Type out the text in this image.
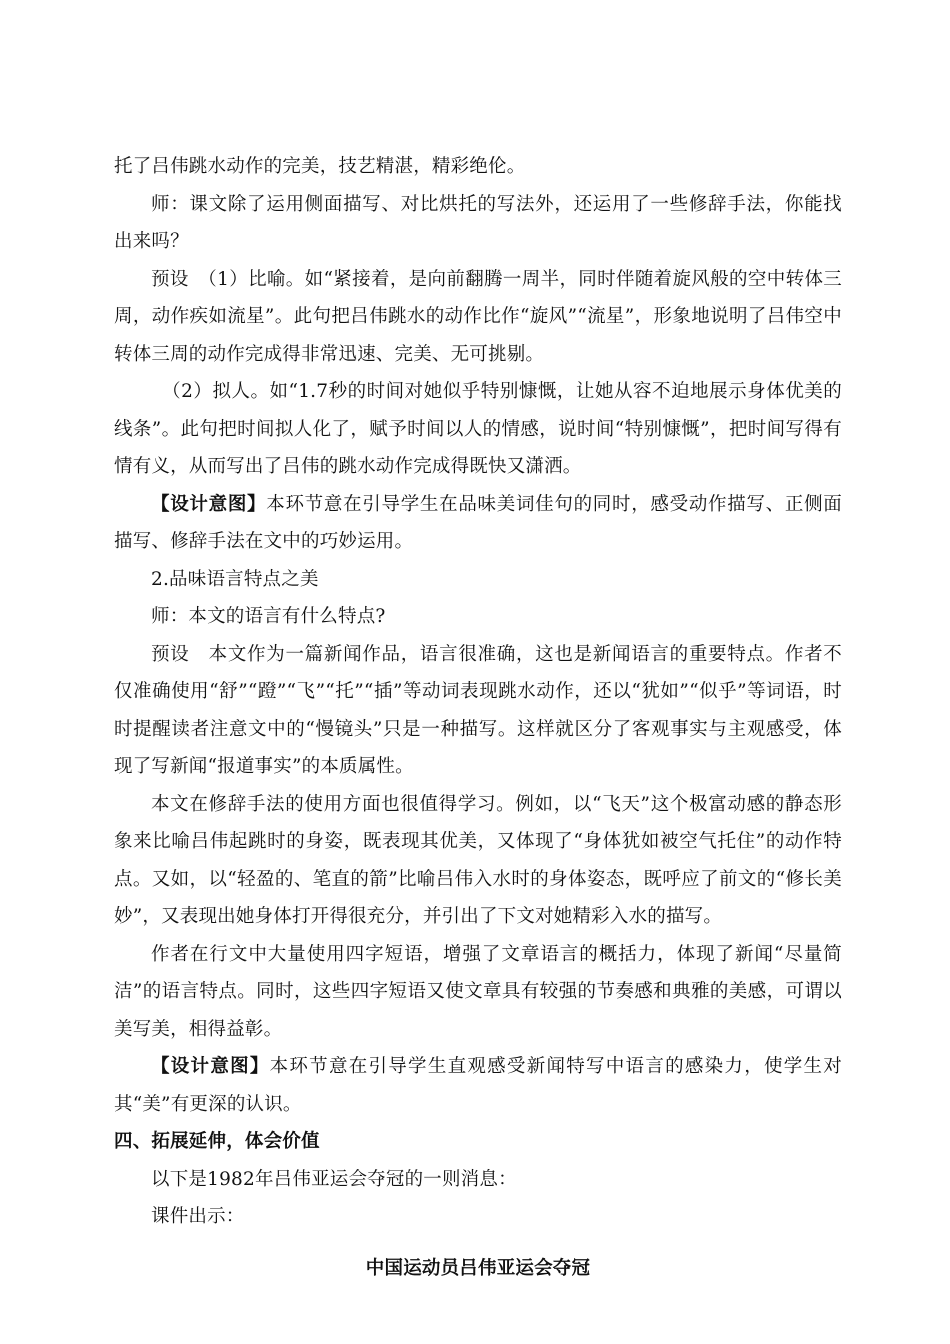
托了吕伟跳水动作的完美，技艺精湛，精彩绝伦。

师：课文除了运用侧面描写、对比烘托的写法外，还运用了一些修辞手法，你能找出来吗？

预设　（1）比喻。如“紧接着，是向前翻腾一周半，同时伴随着旋风般的空中转体三周，动作疾如流星”。此句把吕伟跳水的动作比作“旋风”“流星”，形象地说明了吕伟空中转体三周的动作完成得非常迅速、完美、无可挑剔。

（2）拟人。如“1.7秒的时间对她似乎特别慷慨，让她从容不迫地展示身体优美的线条”。此句把时间拟人化了，赋予时间以人的情感，说时间“特别慷慨”，把时间写得有情有义，从而写出了吕伟的跳水动作完成得既快又潇洒。

【设计意图】本环节意在引导学生在品味美词佳句的同时，感受动作描写、正侧面描写、修辞手法在文中的巧妙运用。

2.品味语言特点之美

师：本文的语言有什么特点?

预设　本文作为一篇新闻作品，语言很准确，这也是新闻语言的重要特点。作者不仅准确使用“舒”“蹬”“飞”“托”“插”等动词表现跳水动作，还以“犹如”“似乎”等词语，时时提醒读者注意文中的“慢镜头”只是一种描写。这样就区分了客观事实与主观感受，体现了写新闻“报道事实”的本质属性。

本文在修辞手法的使用方面也很值得学习。例如，以“飞天”这个极富动感的静态形象来比喻吕伟起跳时的身姿，既表现其优美，又体现了“身体犹如被空气托住”的动作特点。又如，以“轻盈的、笔直的箭”比喻吕伟入水时的身体姿态，既呼应了前文的“修长美妙”，又表现出她身体打开得很充分，并引出了下文对她精彩入水的描写。

作者在行文中大量使用四字短语，增强了文章语言的概括力，体现了新闻“尽量简洁”的语言特点。同时，这些四字短语又使文章具有较强的节奏感和典雅的美感，可谓以美写美，相得益彰。

【设计意图】本环节意在引导学生直观感受新闻特写中语言的感染力，使学生对其“美”有更深的认识。

四、拓展延伸，体会价值

以下是1982年吕伟亚运会夺冠的一则消息：

课件出示：

中国运动员吕伟亚运会夺冠
